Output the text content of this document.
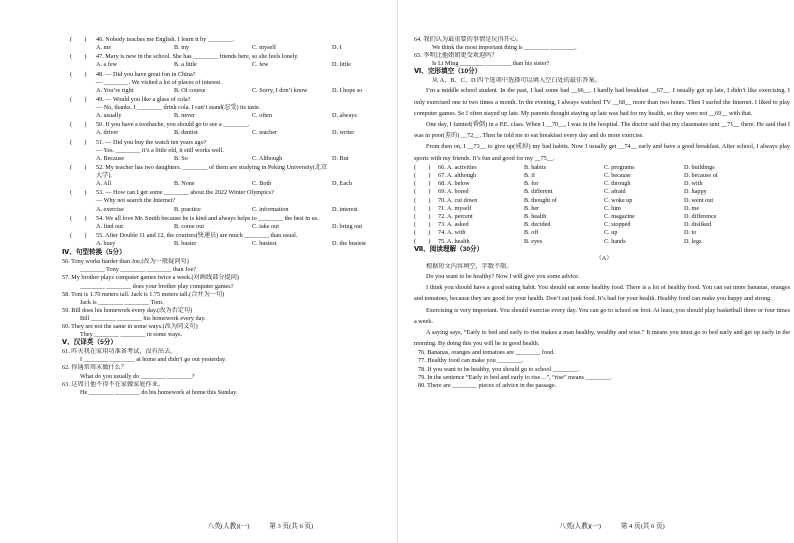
(　　) 46. Nobody teaches me English. I learn it by ________.
A. me	B. my	C. myself	D. I
(　　) 47. Mary is new in the school. She has ________ friends here, so she feels lonely.
A. a few	B. a little	C. few	D. little
(　　) 48. — Did you have great fun in China?
— ________. We visited a lot of places of interest.
A. You’re right	B. Of course	C. Sorry, I don’t know	D. I hope so
(　　) 49. — Would you like a glass of cola?
— No, thanks. I ________ drink cola. I can’t stand(忍受) its taste.
A. usually	B. never	C. often	D. always
(　　) 50. If you have a toothache, you should go to see a ________.
A. driver	B. dentist	C. teacher	D. writer
(　　) 51. — Did you buy the watch ten years ago?
— Yes. ________ it’s a little old, it still works well.
A. Because	B. So	C. Although	D. But
(　　) 52. My teacher has two daughters. ________ of them are studying in Peking University(北京
大学).
A. All	B. None	C. Both	D. Each
(　　) 53. — How can I get some ________ about the 2022 Winter Olympics?
— Why not search the Internet?
A. exercise	B. practice	C. information	D. interest
(　　) 54. We all love Mr. Smith because he is kind and always helps to ________ the best in us.
A. find out	B. come out	C. take out	D. bring out
(　　) 55. After Double 11 and 12, the couriers(快递员) are much ________ than usual.
A. busy	B. busier	C. busiest	D. the busiest
Ⅳ、句型转换（5分）
56. Tony works harder than Joe.(改为一般疑问句)
________ Tony ________ ________ than Joe?
57. My brother plays computer games twice a week.(对画线部分提问)
________ ________ does your brother play computer games?
58. Tom is 1.70 meters tall. Jack is 1.75 meters tall.(合并为一句)
Jack is ________ ________ Tom.
59. Bill does his homework every day.(改为否定句)
Bill ________ ________ his homework every day.
60. They are not the same in some ways.(改为同义句)
They ________ ________ in some ways.
Ⅴ、汉译英（5分）
61. 昨天我在家用功准备考试，没有出去。
I ________ ________ at home and didn’t go out yesterday.
62. 你通常周末做什么？
What do you usually do ________ ________?
63. 这周日他不得不在家做家庭作业。
He ________ ________ do his homework at home this Sunday.
八英(人教)(一)　　　第 3 页(共 6 页)
64. 我们认为最重要的事情是玩得开心。
We think the most important thing is ________ ________.
65. 李明比他姐姐更受欢迎吗？
Is Li Ming ________ ________ than his sister?
Ⅵ、完形填空（10分）
从 A、B、C、D 四个选项中选择可以填入空白处的最佳答案。
I’m a middle school student. In the past, I had some bad __66__. I hardly had breakfast __67__. I usually got up late, I didn’t like exercising. I only exercised one to two times a month. In the evening, I always watched TV __68__ more than two hours. Then I surfed the Internet. I liked to play computer games. So I often stayed up late. My parents thought staying up late was bad for my health, so they were not __69__ with that.
One day, I fainted(昏倒) in a P.E. class. When I __70__, I was in the hospital. The doctor said that my classmates sent __71__ there. He said that I was in poor(差的) __72__. Then he told me to eat breakfast every day and do more exercise.
From then on, I __73__ to give up(戒掉) my bad habits. Now I usually get __74__ early and have a good breakfast. After school, I always play sports with my friends. It’s fun and good for my __75__.
(　　) 66. A. activities	B. habits	C. programs	D. buildings
(　　) 67. A. although	B. if	C. because	D. because of
(　　) 68. A. below	B. for	C. through	D. with
(　　) 69. A. bored	B. different	C. afraid	D. happy
(　　) 70. A. cut down	B. thought of	C. woke up	D. went out
(　　) 71. A. myself	B. her	C. him	D. me
(　　) 72. A. percent	B. health	C. magazine	D. difference
(　　) 73. A. asked	B. decided	C. stopped	D. disliked
(　　) 74. A. with	B. off	C. up	D. to
(　　) 75. A. health	B. eyes	C. hands	D. legs
Ⅶ、阅读理解（30分）
（A）
根据短文内容填空，字数不限。
Do you want to be healthy? Now I will give you some advice.
I think you should have a good eating habit. You should eat some healthy food. There is a lot of healthy food. You can eat more bananas, oranges and tomatoes, because they are good for your health. Don’t eat junk food. It’s bad for your health. Healthy food can make you happy and strong.
Exercising is very important. You should exercise every day. You can go to school on foot. At least, you should play basketball three or four times a week.
A saying says, “Early to bed and early to rise makes a man healthy, wealthy and wise.” It means you must go to bed early and get up early in the morning. By doing this you will be in good health.
76. Bananas, oranges and tomatoes are ________ food.
77. Healthy food can make you ________.
78. If you want to be healthy, you should go to school ________.
79. In the sentence “Early to bed and early to rise…”, “rise” means ________.
80. There are ________ pieces of advice in the passage.
八英(人教)(一)　　　第 4 页(共 6 页)
